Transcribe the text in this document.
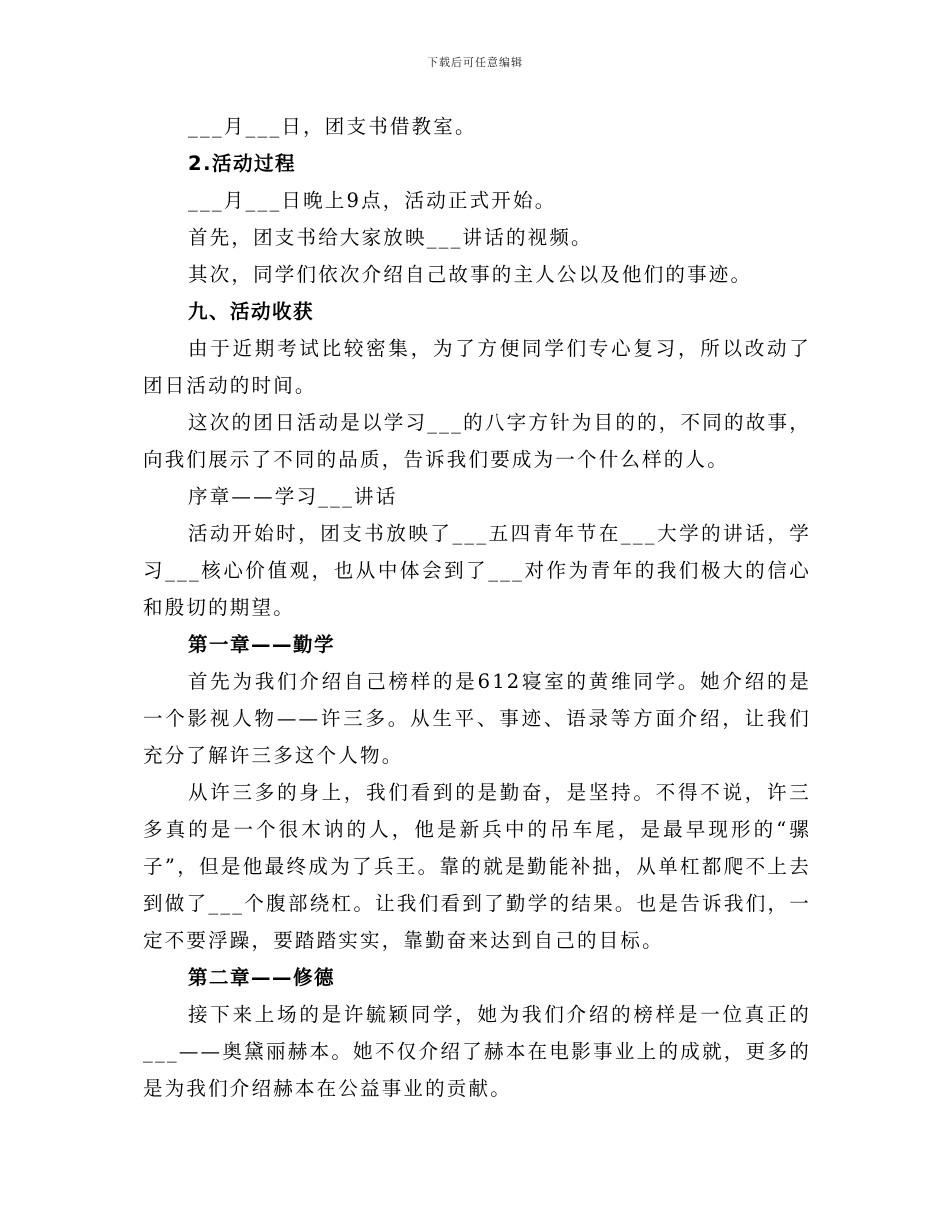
下载后可任意编辑

___月___日，团支书借教室。

2.活动过程

___月___日晚上9点，活动正式开始。

首先，团支书给大家放映___讲话的视频。

其次，同学们依次介绍自己故事的主人公以及他们的事迹。

九、活动收获

由于近期考试比较密集，为了方便同学们专心复习，所以改动了团日活动的时间。

这次的团日活动是以学习___的八字方针为目的的，不同的故事，向我们展示了不同的品质，告诉我们要成为一个什么样的人。

序章——学习___讲话

活动开始时，团支书放映了___五四青年节在___大学的讲话，学习___核心价值观，也从中体会到了___对作为青年的我们极大的信心和殷切的期望。

第一章——勤学

首先为我们介绍自己榜样的是612寝室的黄维同学。她介绍的是一个影视人物——许三多。从生平、事迹、语录等方面介绍，让我们充分了解许三多这个人物。

从许三多的身上，我们看到的是勤奋，是坚持。不得不说，许三多真的是一个很木讷的人，他是新兵中的吊车尾，是最早现形的“骡子”，但是他最终成为了兵王。靠的就是勤能补拙，从单杠都爬不上去到做了___个腹部绕杠。让我们看到了勤学的结果。也是告诉我们，一定不要浮躁，要踏踏实实，靠勤奋来达到自己的目标。

第二章——修德

接下来上场的是许毓颖同学，她为我们介绍的榜样是一位真正的___——奥黛丽赫本。她不仅介绍了赫本在电影事业上的成就，更多的是为我们介绍赫本在公益事业的贡献。
